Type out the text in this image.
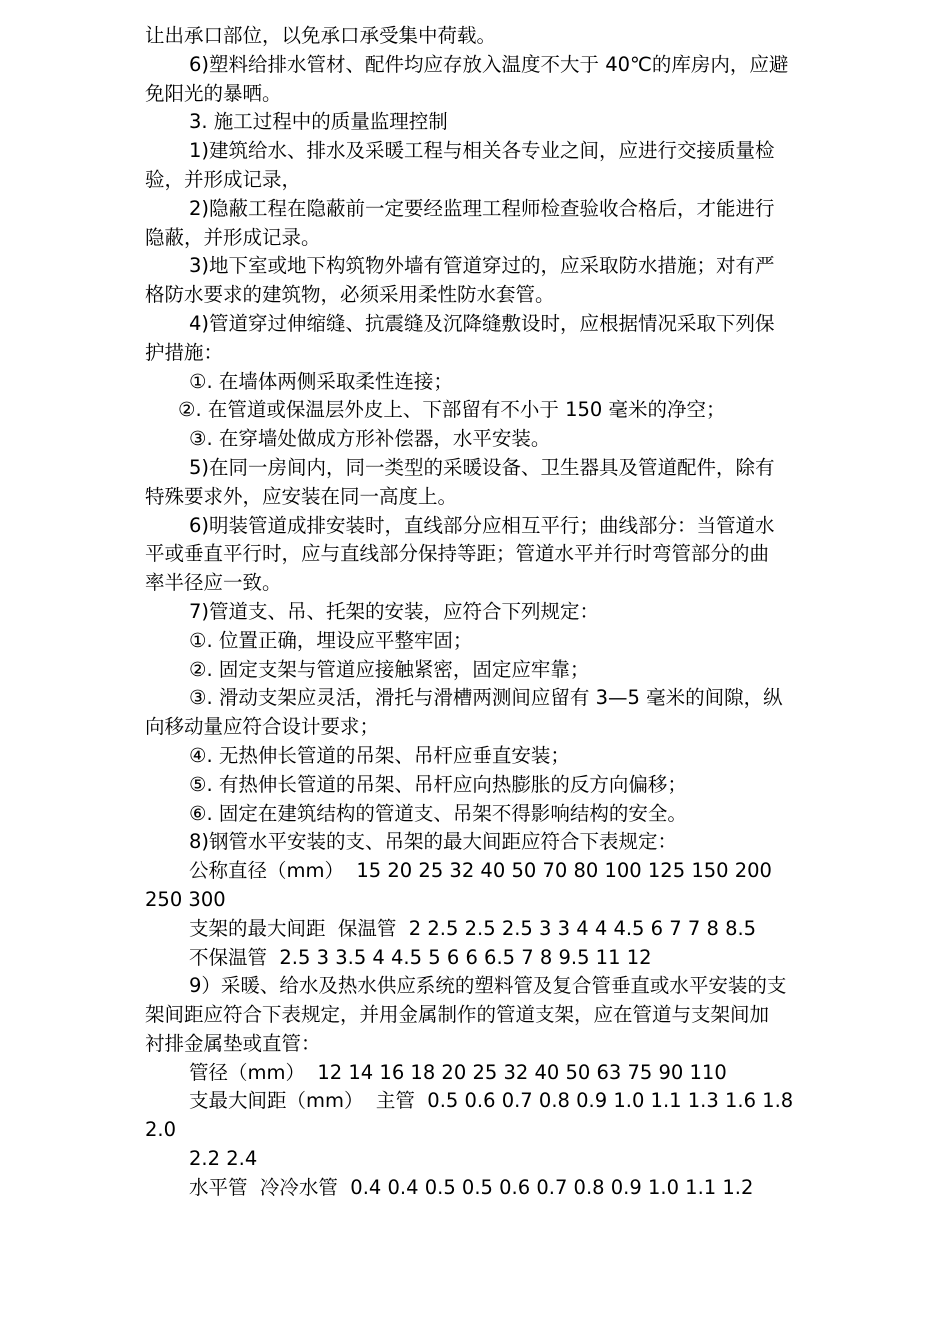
让出承口部位，以免承口承受集中荷载。
6)塑料给排水管材、配件均应存放入温度不大于 40℃的库房内，应避
免阳光的暴晒。
3. 施工过程中的质量监理控制
1)建筑给水、排水及采暖工程与相关各专业之间，应进行交接质量检
验，并形成记录，
2)隐蔽工程在隐蔽前一定要经监理工程师检查验收合格后，才能进行
隐蔽，并形成记录。
3)地下室或地下构筑物外墙有管道穿过的，应采取防水措施；对有严
格防水要求的建筑物，必须采用柔性防水套管。
4)管道穿过伸缩缝、抗震缝及沉降缝敷设时，应根据情况采取下列保
护措施：
①. 在墙体两侧采取柔性连接；
②. 在管道或保温层外皮上、下部留有不小于 150 毫米的净空；
③. 在穿墙处做成方形补偿器，水平安装。
5)在同一房间内，同一类型的采暖设备、卫生器具及管道配件，除有
特殊要求外，应安装在同一高度上。
6)明装管道成排安装时，直线部分应相互平行；曲线部分：当管道水
平或垂直平行时，应与直线部分保持等距；管道水平并行时弯管部分的曲
率半径应一致。
7)管道支、吊、托架的安装，应符合下列规定：
①. 位置正确，埋设应平整牢固；
②. 固定支架与管道应接触紧密，固定应牢靠；
③. 滑动支架应灵活，滑托与滑槽两测间应留有 3—5 毫米的间隙，纵
向移动量应符合设计要求；
④. 无热伸长管道的吊架、吊杆应垂直安装；
⑤. 有热伸长管道的吊架、吊杆应向热膨胀的反方向偏移；
⑥. 固定在建筑结构的管道支、吊架不得影响结构的安全。
8)钢管水平安装的支、吊架的最大间距应符合下表规定：
公称直径（mm）  15 20 25 32 40 50 70 80 100 125 150 200
250 300
支架的最大间距  保温管  2 2.5 2.5 2.5 3 3 4 4 4.5 6 7 7 8 8.5
不保温管  2.5 3 3.5 4 4.5 5 6 6 6.5 7 8 9.5 11 12
9）采暖、给水及热水供应系统的塑料管及复合管垂直或水平安装的支
架间距应符合下表规定，并用金属制作的管道支架，应在管道与支架间加
衬排金属垫或直管：
管径（mm）  12 14 16 18 20 25 32 40 50 63 75 90 110
支最大间距（mm）  主管  0.5 0.6 0.7 0.8 0.9 1.0 1.1 1.3 1.6 1.8
2.0
2.2 2.4
水平管  冷冷水管  0.4 0.4 0.5 0.5 0.6 0.7 0.8 0.9 1.0 1.1 1.2
